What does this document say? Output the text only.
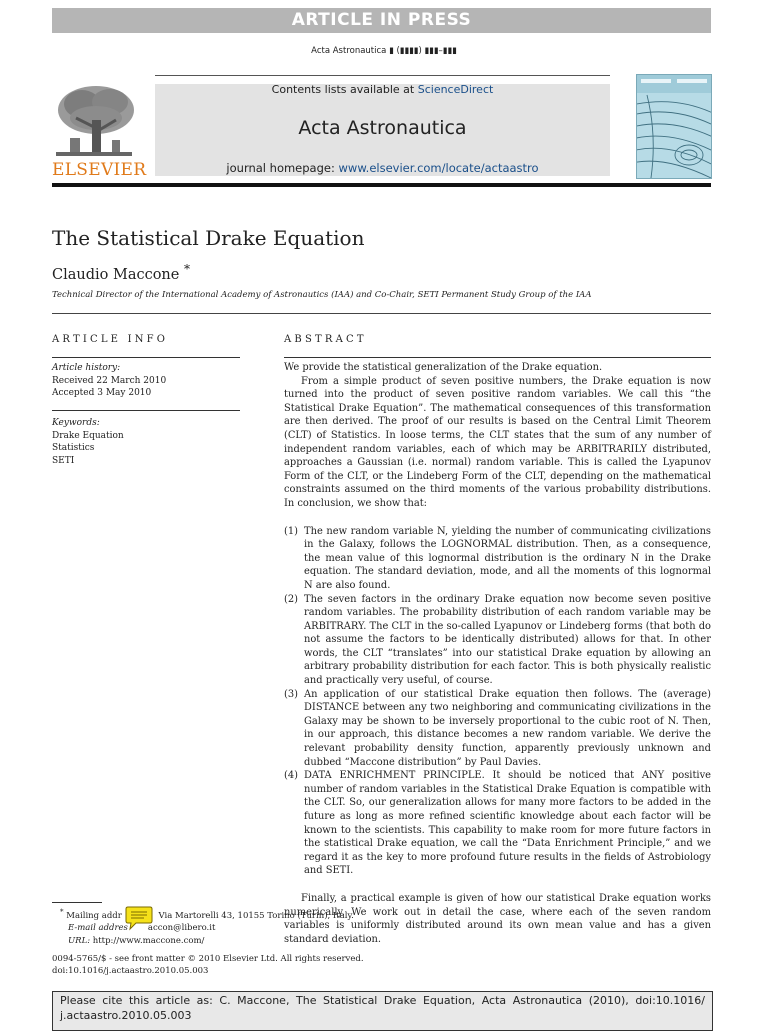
ARTICLE IN PRESS
Acta Astronautica ▮ (▮▮▮▮) ▮▮▮–▮▮▮
Contents lists available at ScienceDirect
Acta Astronautica
journal homepage: www.elsevier.com/locate/actaastro
ELSEVIER
The Statistical Drake Equation
Claudio Maccone *
Technical Director of the International Academy of Astronautics (IAA) and Co-Chair, SETI Permanent Study Group of the IAA
ARTICLE INFO
Article history:
Received 22 March 2010
Accepted 3 May 2010
Keywords:
Drake Equation
Statistics
SETI
ABSTRACT

We provide the statistical generalization of the Drake equation.

From a simple product of seven positive numbers, the Drake equation is now turned into the product of seven positive random variables. We call this “the Statistical Drake Equation”. The mathematical consequences of this transformation are then derived. The proof of our results is based on the Central Limit Theorem (CLT) of Statistics. In loose terms, the CLT states that the sum of any number of independent random variables, each of which may be ARBITRARILY distributed, approaches a Gaussian (i.e. normal) random variable. This is called the Lyapunov Form of the CLT, or the Lindeberg Form of the CLT, depending on the mathematical constraints assumed on the third moments of the various probability distributions. In conclusion, we show that:

(1) The new random variable N, yielding the number of communicating civilizations in the Galaxy, follows the LOGNORMAL distribution. Then, as a consequence, the mean value of this lognormal distribution is the ordinary N in the Drake equation. The standard deviation, mode, and all the moments of this lognormal N are also found.
(2) The seven factors in the ordinary Drake equation now become seven positive random variables. The probability distribution of each random variable may be ARBITRARY. The CLT in the so-called Lyapunov or Lindeberg forms (that both do not assume the factors to be identically distributed) allows for that. In other words, the CLT “translates” into our statistical Drake equation by allowing an arbitrary probability distribution for each factor. This is both physically realistic and practically very useful, of course.
(3) An application of our statistical Drake equation then follows. The (average) DISTANCE between any two neighboring and communicating civilizations in the Galaxy may be shown to be inversely proportional to the cubic root of N. Then, in our approach, this distance becomes a new random variable. We derive the relevant probability density function, apparently previously unknown and dubbed “Maccone distribution” by Paul Davies.
(4) DATA ENRICHMENT PRINCIPLE. It should be noticed that ANY positive number of random variables in the Statistical Drake Equation is compatible with the CLT. So, our generalization allows for many more factors to be added in the future as long as more refined scientific knowledge about each factor will be known to the scientists. This capability to make room for more future factors in the statistical Drake equation, we call the “Data Enrichment Principle,” and we regard it as the key to more profound future results in the fields of Astrobiology and SETI.

Finally, a practical example is given of how our statistical Drake equation works numerically. We work out in detail the case, where each of the seven random variables is uniformly distributed around its own mean value and has a given standard deviation.

* Mailing addr	Via Martorelli 43, 10155 Torino (Turin), Italy.
E-mail addres accon@libero.it
URL: http://www.maccone.com/
0094-5765/$ - see front matter © 2010 Elsevier Ltd. All rights reserved.
doi:10.1016/j.actaastro.2010.05.003
Please cite this article as: C. Maccone, The Statistical Drake Equation, Acta Astronautica (2010), doi:10.1016/ j.actaastro.2010.05.003
